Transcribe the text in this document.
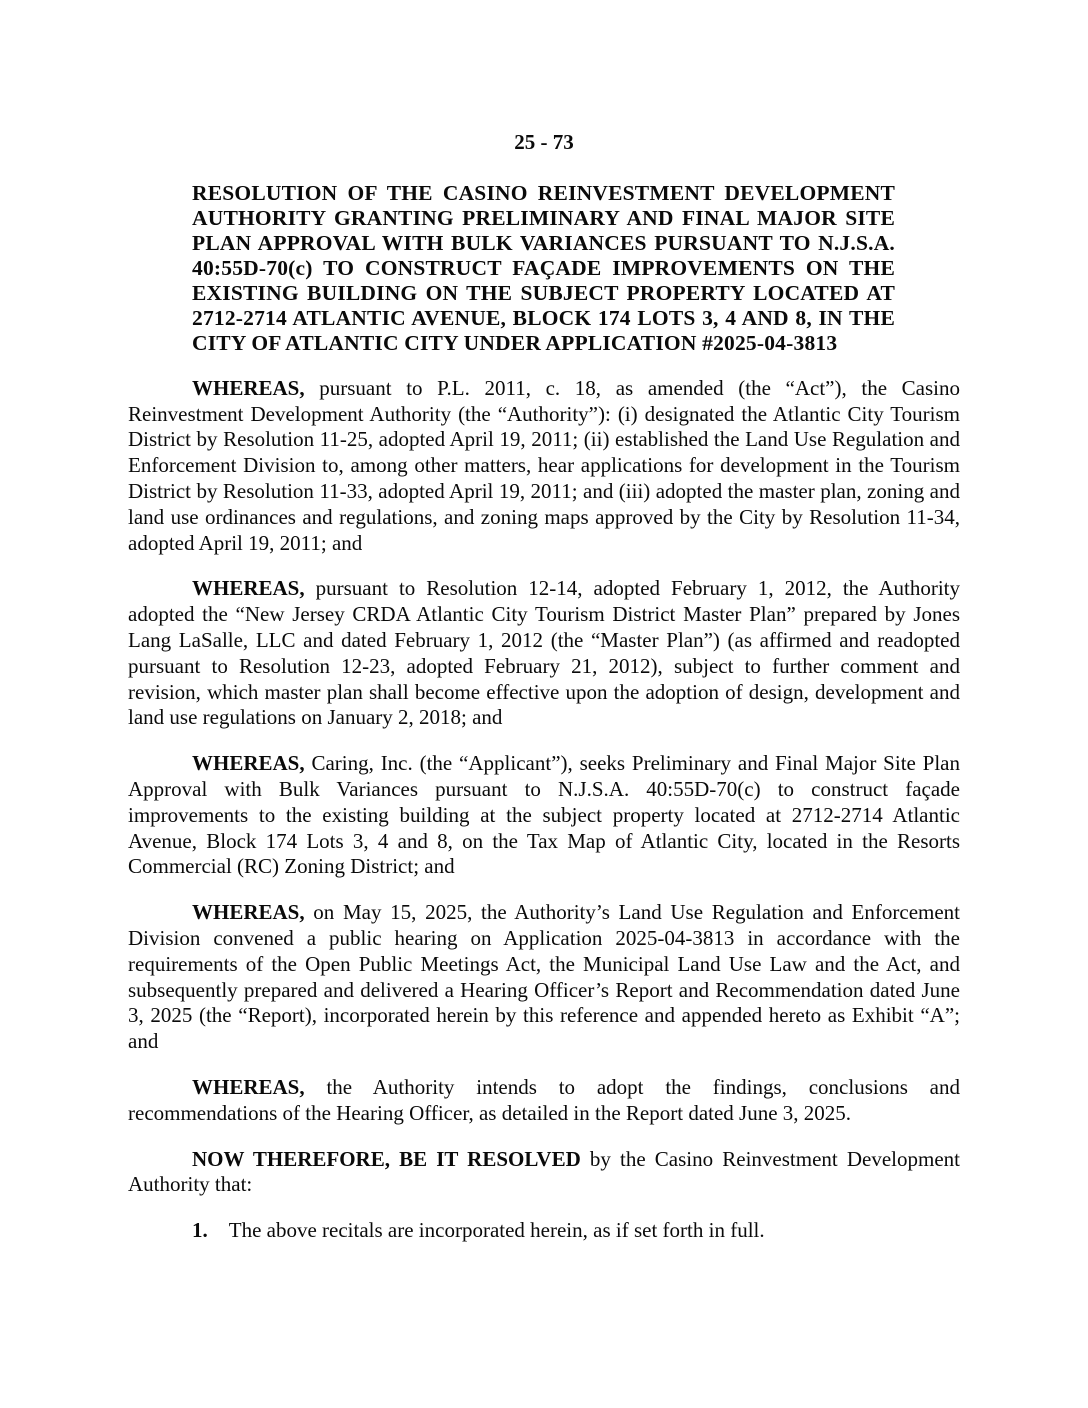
25 - 73

RESOLUTION OF THE CASINO REINVESTMENT DEVELOPMENT AUTHORITY GRANTING PRELIMINARY AND FINAL MAJOR SITE PLAN APPROVAL WITH BULK VARIANCES PURSUANT TO N.J.S.A. 40:55D-70(c) TO CONSTRUCT FAÇADE IMPROVEMENTS ON THE EXISTING BUILDING ON THE SUBJECT PROPERTY LOCATED AT 2712-2714 ATLANTIC AVENUE, BLOCK 174 LOTS 3, 4 AND 8, IN THE CITY OF ATLANTIC CITY UNDER APPLICATION #2025-04-3813

WHEREAS, pursuant to P.L. 2011, c. 18, as amended (the “Act”), the Casino Reinvestment Development Authority (the “Authority”): (i) designated the Atlantic City Tourism District by Resolution 11-25, adopted April 19, 2011; (ii) established the Land Use Regulation and Enforcement Division to, among other matters, hear applications for development in the Tourism District by Resolution 11-33, adopted April 19, 2011; and (iii) adopted the master plan, zoning and land use ordinances and regulations, and zoning maps approved by the City by Resolution 11-34, adopted April 19, 2011; and

WHEREAS, pursuant to Resolution 12-14, adopted February 1, 2012, the Authority adopted the “New Jersey CRDA Atlantic City Tourism District Master Plan” prepared by Jones Lang LaSalle, LLC and dated February 1, 2012 (the “Master Plan”) (as affirmed and readopted pursuant to Resolution 12-23, adopted February 21, 2012), subject to further comment and revision, which master plan shall become effective upon the adoption of design, development and land use regulations on January 2, 2018; and

WHEREAS, Caring, Inc. (the “Applicant”), seeks Preliminary and Final Major Site Plan Approval with Bulk Variances pursuant to N.J.S.A. 40:55D-70(c) to construct façade improvements to the existing building at the subject property located at 2712-2714 Atlantic Avenue, Block 174 Lots 3, 4 and 8, on the Tax Map of Atlantic City, located in the Resorts Commercial (RC) Zoning District; and

WHEREAS, on May 15, 2025, the Authority’s Land Use Regulation and Enforcement Division convened a public hearing on Application 2025-04-3813 in accordance with the requirements of the Open Public Meetings Act, the Municipal Land Use Law and the Act, and subsequently prepared and delivered a Hearing Officer’s Report and Recommendation dated June 3, 2025 (the “Report), incorporated herein by this reference and appended hereto as Exhibit “A”; and

WHEREAS, the Authority intends to adopt the findings, conclusions and recommendations of the Hearing Officer, as detailed in the Report dated June 3, 2025.

NOW THEREFORE, BE IT RESOLVED by the Casino Reinvestment Development Authority that:

1. The above recitals are incorporated herein, as if set forth in full.
